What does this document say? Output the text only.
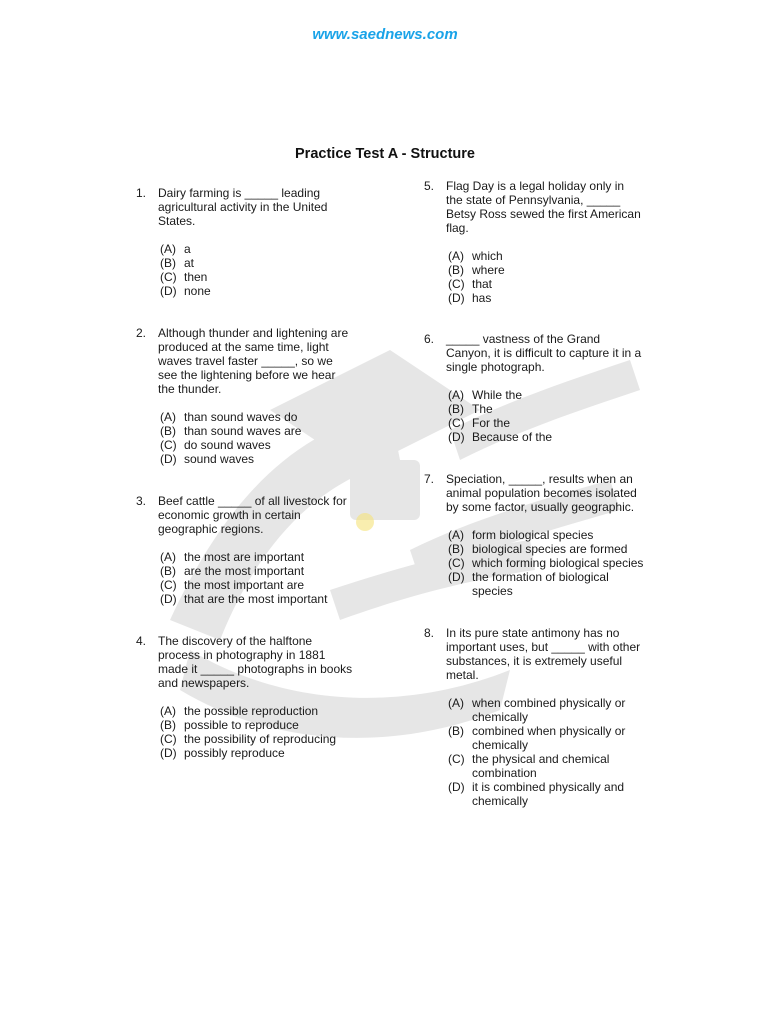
www.saednews.com
Practice Test A - Structure
1. Dairy farming is _____ leading
agricultural activity in the United
States.
(A) a
(B) at
(C) then
(D) none
2. Although thunder and lightening are
produced at the same time, light
waves travel faster _____, so we
see the lightening before we hear
the thunder.
(A) than sound waves do
(B) than sound waves are
(C) do sound waves
(D) sound waves
3. Beef cattle _____ of all livestock for
economic growth in certain
geographic regions.
(A) the most are important
(B) are the most important
(C) the most important are
(D) that are the most important
4. The discovery of the halftone
process in photography in 1881
made it _____ photographs in books
and newspapers.
(A) the possible reproduction
(B) possible to reproduce
(C) the possibility of reproducing
(D) possibly reproduce
5. Flag Day is a legal holiday only in
the state of Pennsylvania, _____
Betsy Ross sewed the first American
flag.
(A) which
(B) where
(C) that
(D) has
6. _____ vastness of the Grand
Canyon, it is difficult to capture it in a
single photograph.
(A) While the
(B) The
(C) For the
(D) Because of the
7. Speciation, _____, results when an
animal population becomes isolated
by some factor, usually geographic.
(A) form biological species
(B) biological species are formed
(C) which forming biological species
(D) the formation of biological species
8. In its pure state antimony has no
important uses, but _____ with other
substances, it is extremely useful
metal.
(A) when combined physically or chemically
(B) combined when physically or chemically
(C) the physical and chemical combination
(D) it is combined physically and chemically
